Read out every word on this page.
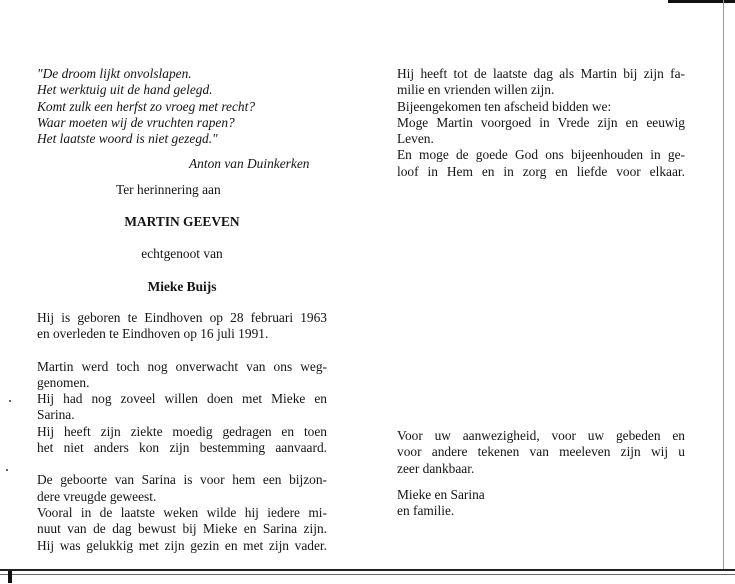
"De droom lijkt onvolslapen.
Het werktuig uit de hand gelegd.
Komt zulk een herfst zo vroeg met recht?
Waar moeten wij de vruchten rapen?
Het laatste woord is niet gezegd."
Anton van Duinkerken
Ter herinnering aan
MARTIN GEEVEN
echtgenoot van
Mieke Buijs
Hij is geboren te Eindhoven op 28 februari 1963
en overleden te Eindhoven op 16 juli 1991.
Martin werd toch nog onverwacht van ons weg-
genomen.
Hij had nog zoveel willen doen met Mieke en
Sarina.
Hij heeft zijn ziekte moedig gedragen en toen
het niet anders kon zijn bestemming aanvaard.
De geboorte van Sarina is voor hem een bijzon-
dere vreugde geweest.
Vooral in de laatste weken wilde hij iedere mi-
nuut van de dag bewust bij Mieke en Sarina zijn.
Hij was gelukkig met zijn gezin en met zijn vader.
Hij heeft tot de laatste dag als Martin bij zijn fa-
milie en vrienden willen zijn.
Bijeengekomen ten afscheid bidden we:
Moge Martin voorgoed in Vrede zijn en eeuwig
Leven.
En moge de goede God ons bijeenhouden in ge-
loof in Hem en in zorg en liefde voor elkaar.
Voor uw aanwezigheid, voor uw gebeden en
voor andere tekenen van meeleven zijn wij u
zeer dankbaar.
Mieke en Sarina
en familie.
